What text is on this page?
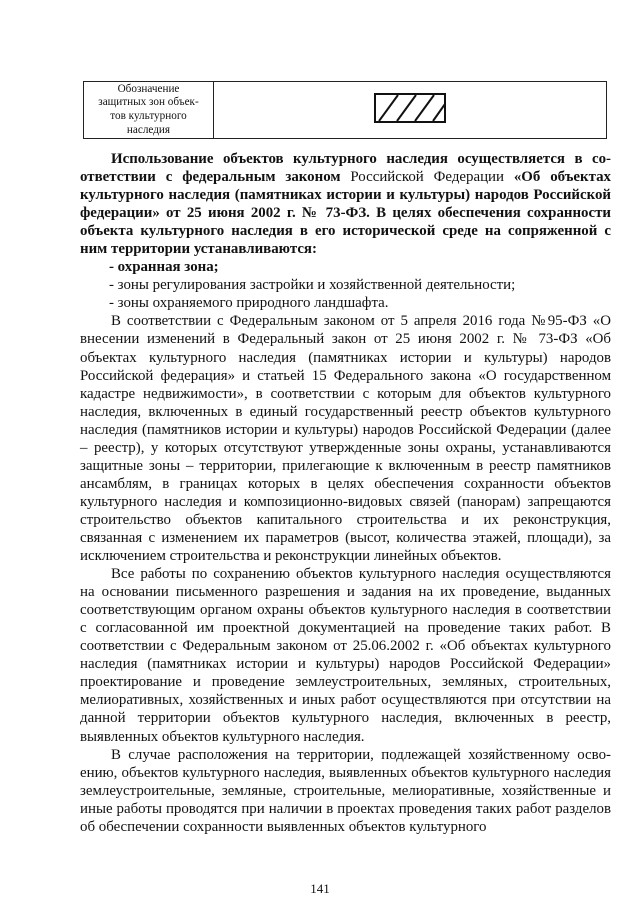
Обозначение
защитных зон объек-
тов культурного
наследия

Использование объектов культурного наследия осуществляется в соответствии с федеральным законом Российской Федерации «Об объектах культурного наследия (памятниках истории и культуры) народов Российской федерации» от 25 июня 2002 г. № 73-ФЗ. В целях обеспечения сохранности объекта культурного наследия в его исторической среде на сопряженной с ним территории устанавливаются:

- охранная зона;

- зоны регулирования застройки и хозяйственной деятельности;

- зоны охраняемого природного ландшафта.

В соответствии с Федеральным законом от 5 апреля 2016 года №95-ФЗ «О внесении изменений в Федеральный закон от 25 июня 2002 г. № 73-ФЗ «Об объектах культурного наследия (памятниках истории и культуры) народов Российской федерация» и статьей 15 Федерального закона «О государственном кадастре недвижимости», в соответствии с которым для объектов культурного наследия, включенных в единый государственный реестр объектов культурного наследия (памятников истории и культуры) народов Российской Федерации (далее – реестр), у которых отсутствуют утвержденные зоны охраны, устанавливаются защитные зоны – территории, прилегающие к включенным в реестр памятников ансамблям, в границах которых в целях обеспечения сохранности объектов культурного наследия и композиционно-видовых связей (панорам) запрещаются строительство объектов капитального строительства и их реконструкция, связанная с изменением их параметров (высот, количества этажей, площади), за исключением строительства и реконструкции линейных объектов.

Все работы по сохранению объектов культурного наследия осуществляются на основании письменного разрешения и задания на их проведение, выданных соответствующим органом охраны объектов культурного наследия в соответствии с согласованной им проектной документацией на проведение таких работ. В соответствии с Федеральным законом от 25.06.2002 г. «Об объектах культурного наследия (памятниках истории и культуры) народов Российской Федерации» проектирование и проведение землеустроительных, земляных, строительных, мелиоративных, хозяйственных и иных работ осуществляются при отсутствии на данной территории объектов культурного наследия, включенных в реестр, выявленных объектов культурного наследия.

В случае расположения на территории, подлежащей хозяйственному освоению, объектов культурного наследия, выявленных объектов культурного наследия землеустроительные, земляные, строительные, мелиоративные, хозяйственные и иные работы проводятся при наличии в проектах проведения таких работ разделов об обеспечении сохранности выявленных объектов культурного

141
